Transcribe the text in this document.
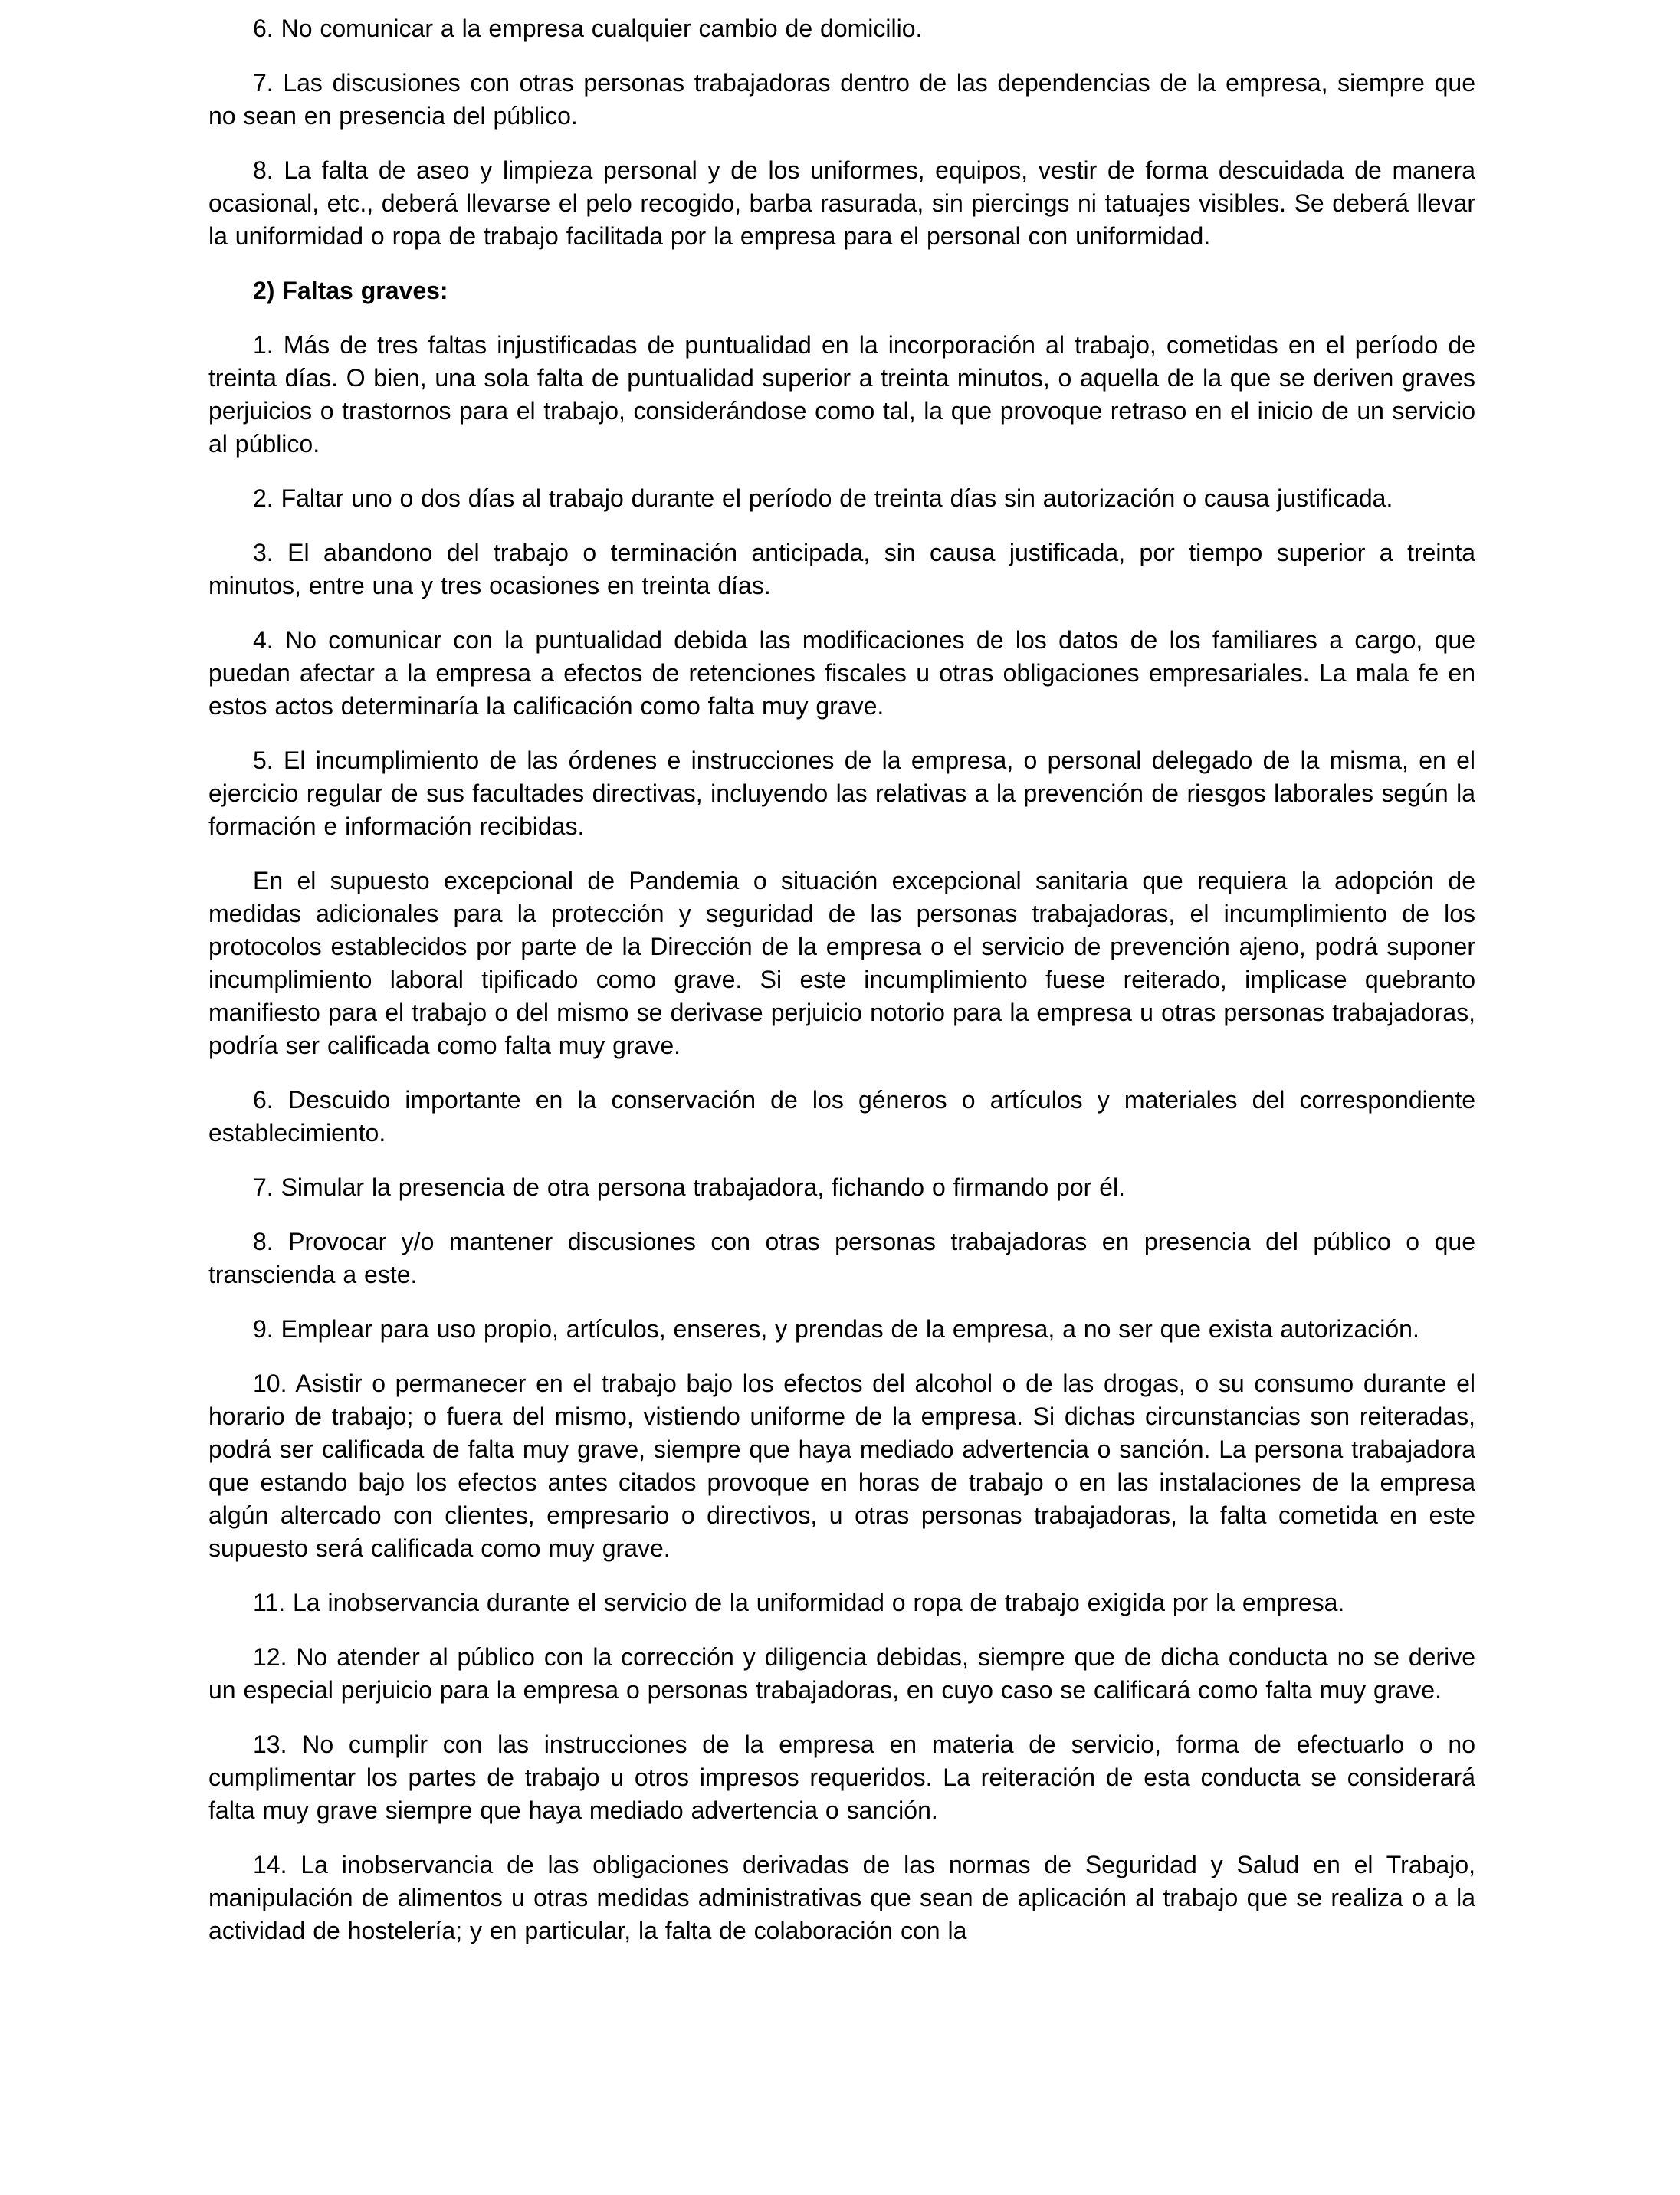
6. No comunicar a la empresa cualquier cambio de domicilio.

7. Las discusiones con otras personas trabajadoras dentro de las dependencias de la empresa, siempre que no sean en presencia del público.

8. La falta de aseo y limpieza personal y de los uniformes, equipos, vestir de forma descuidada de manera ocasional, etc., deberá llevarse el pelo recogido, barba rasurada, sin piercings ni tatuajes visibles. Se deberá llevar la uniformidad o ropa de trabajo facilitada por la empresa para el personal con uniformidad.

2) Faltas graves:

1. Más de tres faltas injustificadas de puntualidad en la incorporación al trabajo, cometidas en el período de treinta días. O bien, una sola falta de puntualidad superior a treinta minutos, o aquella de la que se deriven graves perjuicios o trastornos para el trabajo, considerándose como tal, la que provoque retraso en el inicio de un servicio al público.

2. Faltar uno o dos días al trabajo durante el período de treinta días sin autorización o causa justificada.

3. El abandono del trabajo o terminación anticipada, sin causa justificada, por tiempo superior a treinta minutos, entre una y tres ocasiones en treinta días.

4. No comunicar con la puntualidad debida las modificaciones de los datos de los familiares a cargo, que puedan afectar a la empresa a efectos de retenciones fiscales u otras obligaciones empresariales. La mala fe en estos actos determinaría la calificación como falta muy grave.

5. El incumplimiento de las órdenes e instrucciones de la empresa, o personal delegado de la misma, en el ejercicio regular de sus facultades directivas, incluyendo las relativas a la prevención de riesgos laborales según la formación e información recibidas.

En el supuesto excepcional de Pandemia o situación excepcional sanitaria que requiera la adopción de medidas adicionales para la protección y seguridad de las personas trabajadoras, el incumplimiento de los protocolos establecidos por parte de la Dirección de la empresa o el servicio de prevención ajeno, podrá suponer incumplimiento laboral tipificado como grave. Si este incumplimiento fuese reiterado, implicase quebranto manifiesto para el trabajo o del mismo se derivase perjuicio notorio para la empresa u otras personas trabajadoras, podría ser calificada como falta muy grave.

6. Descuido importante en la conservación de los géneros o artículos y materiales del correspondiente establecimiento.

7. Simular la presencia de otra persona trabajadora, fichando o firmando por él.

8. Provocar y/o mantener discusiones con otras personas trabajadoras en presencia del público o que transcienda a este.

9. Emplear para uso propio, artículos, enseres, y prendas de la empresa, a no ser que exista autorización.

10. Asistir o permanecer en el trabajo bajo los efectos del alcohol o de las drogas, o su consumo durante el horario de trabajo; o fuera del mismo, vistiendo uniforme de la empresa. Si dichas circunstancias son reiteradas, podrá ser calificada de falta muy grave, siempre que haya mediado advertencia o sanción. La persona trabajadora que estando bajo los efectos antes citados provoque en horas de trabajo o en las instalaciones de la empresa algún altercado con clientes, empresario o directivos, u otras personas trabajadoras, la falta cometida en este supuesto será calificada como muy grave.

11. La inobservancia durante el servicio de la uniformidad o ropa de trabajo exigida por la empresa.

12. No atender al público con la corrección y diligencia debidas, siempre que de dicha conducta no se derive un especial perjuicio para la empresa o personas trabajadoras, en cuyo caso se calificará como falta muy grave.

13. No cumplir con las instrucciones de la empresa en materia de servicio, forma de efectuarlo o no cumplimentar los partes de trabajo u otros impresos requeridos. La reiteración de esta conducta se considerará falta muy grave siempre que haya mediado advertencia o sanción.

14. La inobservancia de las obligaciones derivadas de las normas de Seguridad y Salud en el Trabajo, manipulación de alimentos u otras medidas administrativas que sean de aplicación al trabajo que se realiza o a la actividad de hostelería; y en particular, la falta de colaboración con la
